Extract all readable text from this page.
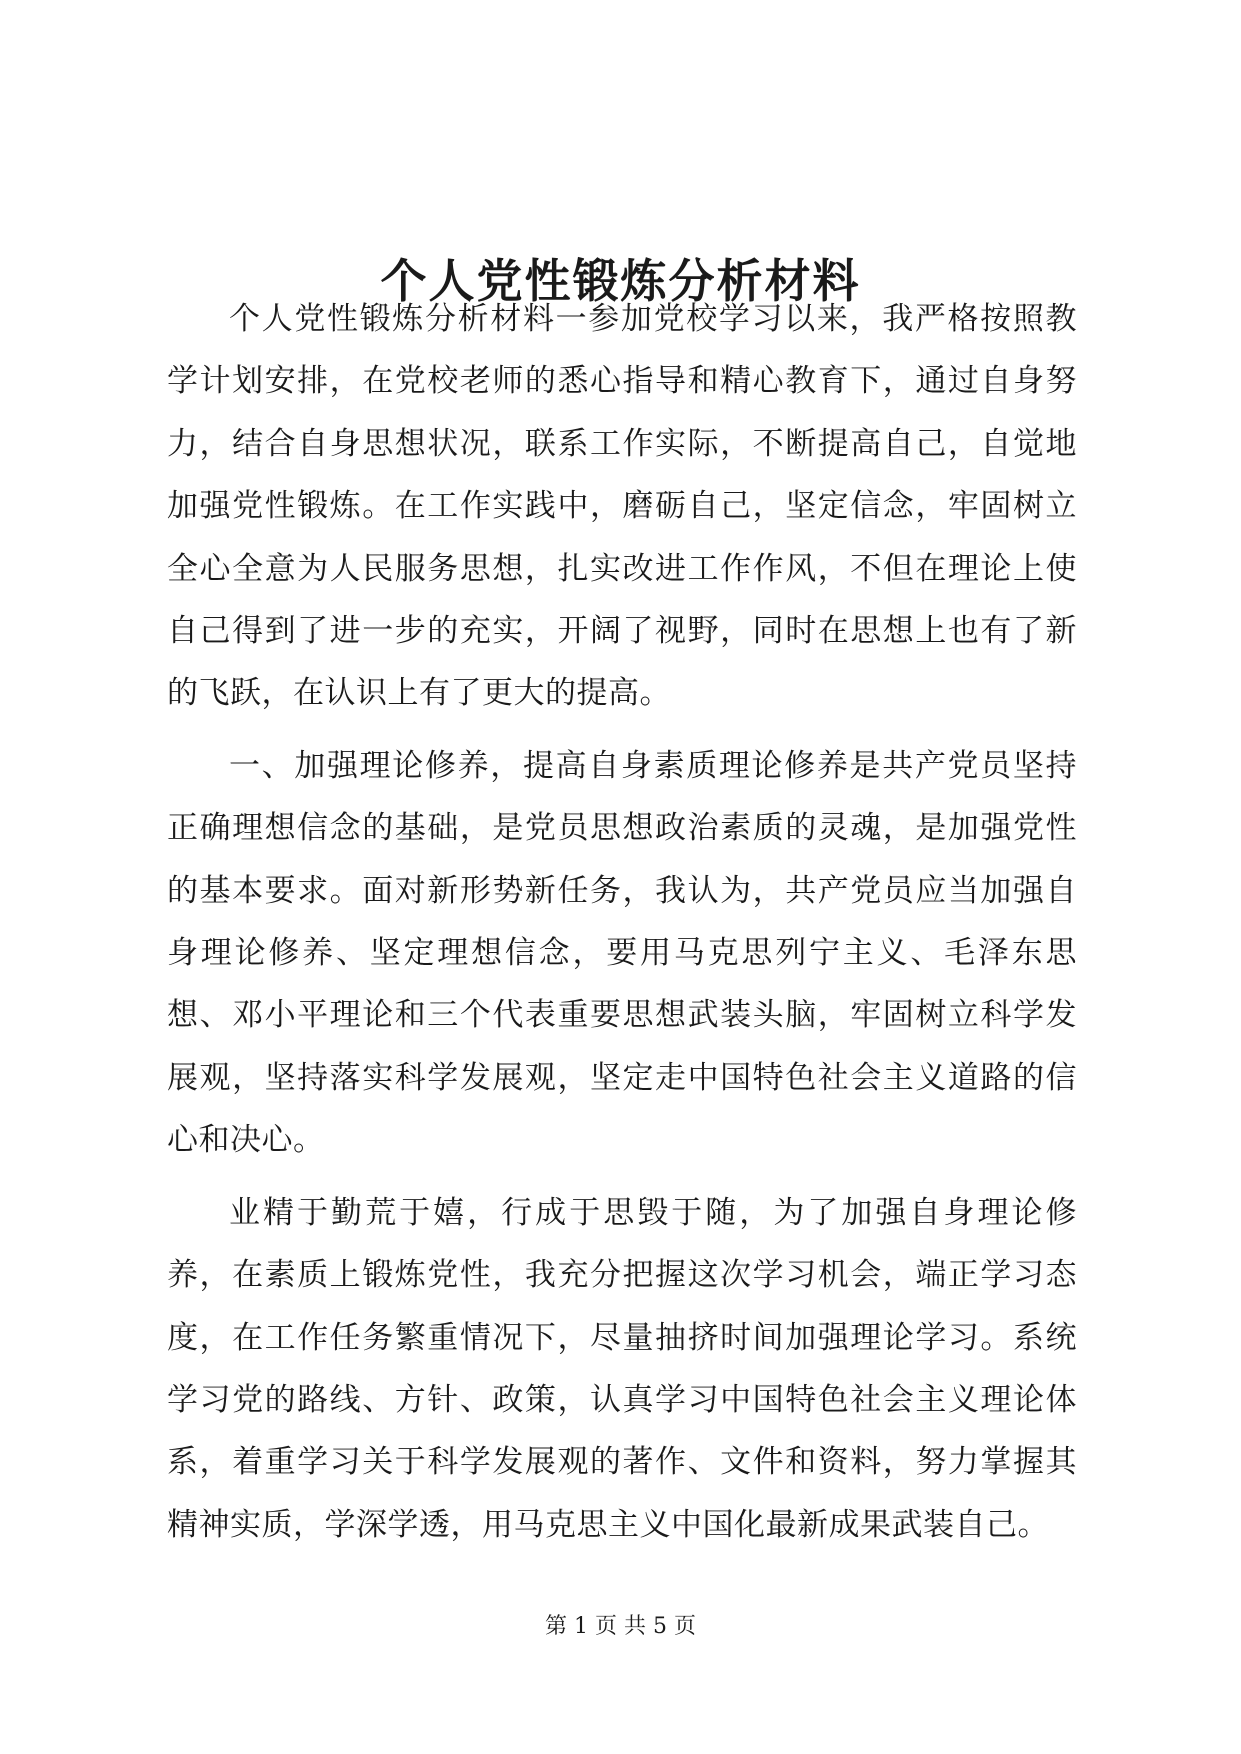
个人党性锻炼分析材料

个人党性锻炼分析材料一参加党校学习以来，我严格按照教学计划安排，在党校老师的悉心指导和精心教育下，通过自身努力，结合自身思想状况，联系工作实际，不断提高自己，自觉地加强党性锻炼。在工作实践中，磨砺自己，坚定信念，牢固树立全心全意为人民服务思想，扎实改进工作作风，不但在理论上使自己得到了进一步的充实，开阔了视野，同时在思想上也有了新的飞跃，在认识上有了更大的提高。

一、加强理论修养，提高自身素质理论修养是共产党员坚持正确理想信念的基础，是党员思想政治素质的灵魂，是加强党性的基本要求。面对新形势新任务，我认为，共产党员应当加强自身理论修养、坚定理想信念，要用马克思列宁主义、毛泽东思想、邓小平理论和三个代表重要思想武装头脑，牢固树立科学发展观，坚持落实科学发展观，坚定走中国特色社会主义道路的信心和决心。

业精于勤荒于嬉，行成于思毁于随，为了加强自身理论修养，在素质上锻炼党性，我充分把握这次学习机会，端正学习态度，在工作任务繁重情况下，尽量抽挤时间加强理论学习。系统学习党的路线、方针、政策，认真学习中国特色社会主义理论体系，着重学习关于科学发展观的著作、文件和资料，努力掌握其精神实质，学深学透，用马克思主义中国化最新成果武装自己。

第 1 页 共 5 页
